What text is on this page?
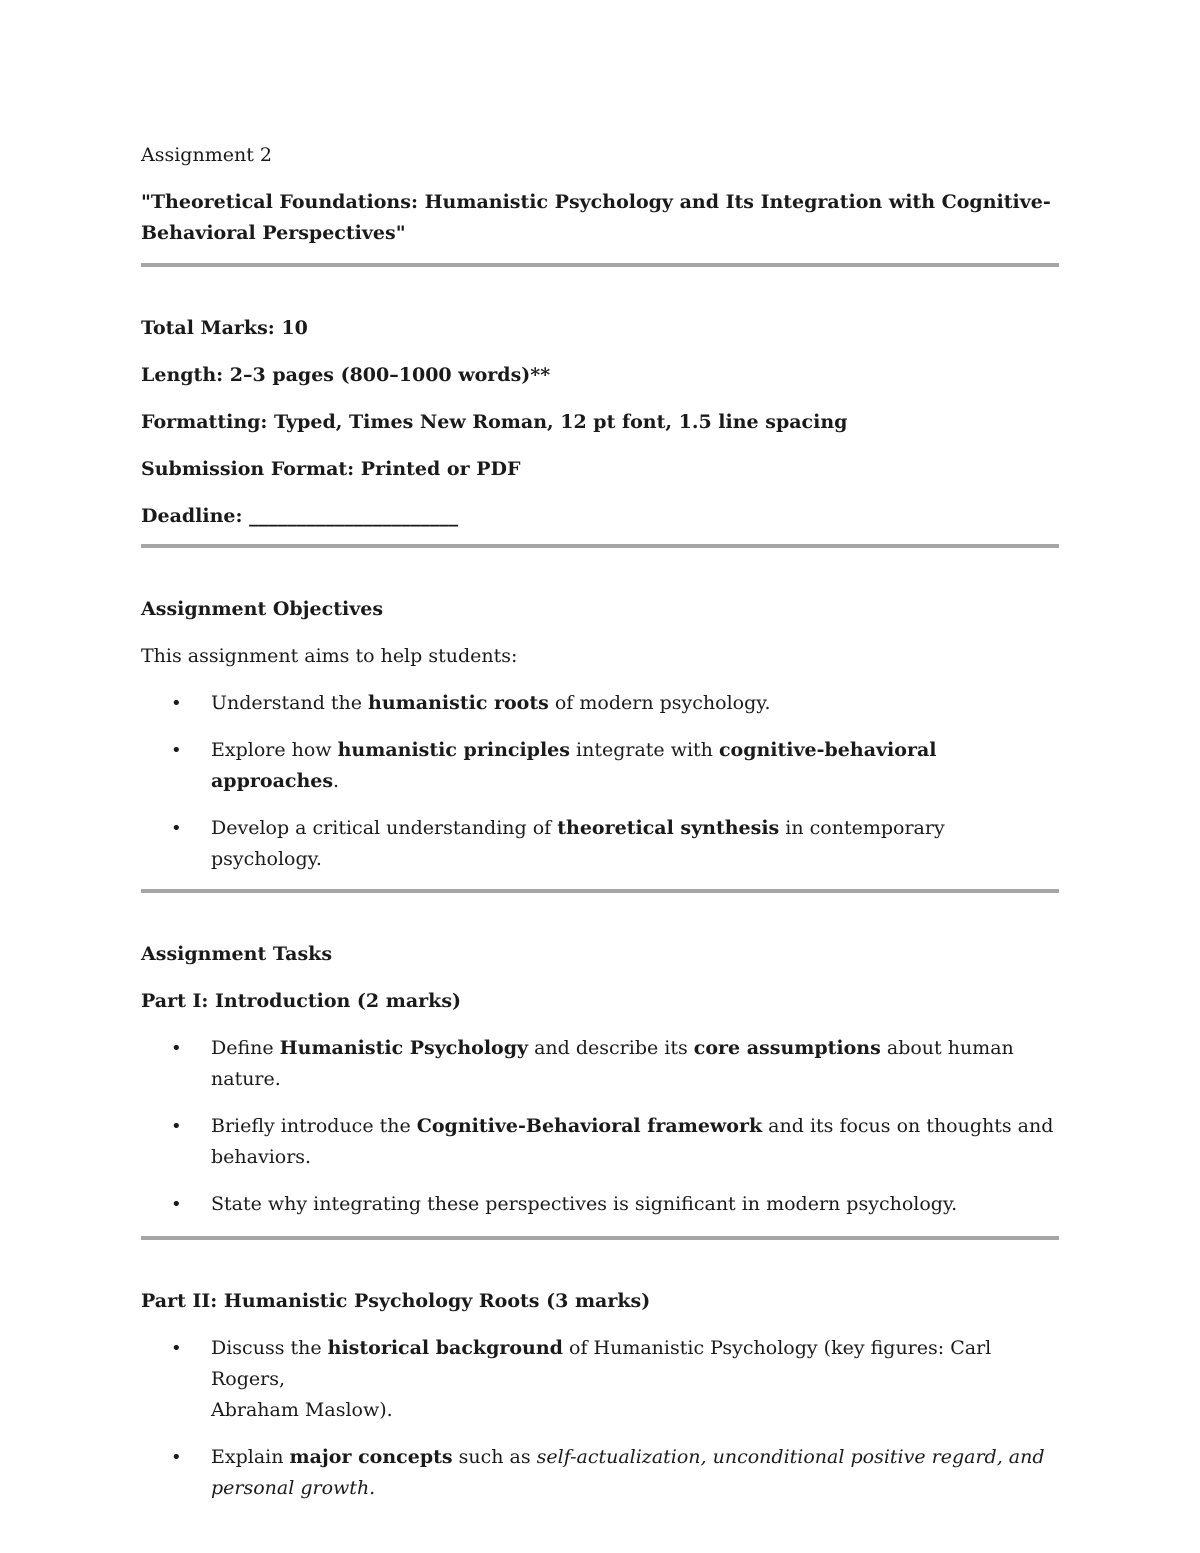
Assignment 2

"Theoretical Foundations: Humanistic Psychology and Its Integration with Cognitive-
Behavioral Perspectives"

Total Marks: 10

Length: 2–3 pages (800–1000 words)**

Formatting: Typed, Times New Roman, 12 pt font, 1.5 line spacing

Submission Format: Printed or PDF

Deadline: ______________________

Assignment Objectives

This assignment aims to help students:

• Understand the humanistic roots of modern psychology.
• Explore how humanistic principles integrate with cognitive-behavioral approaches.
• Develop a critical understanding of theoretical synthesis in contemporary psychology.

Assignment Tasks

Part I: Introduction (2 marks)

• Define Humanistic Psychology and describe its core assumptions about human nature.
• Briefly introduce the Cognitive-Behavioral framework and its focus on thoughts and
behaviors.
• State why integrating these perspectives is significant in modern psychology.

Part II: Humanistic Psychology Roots (3 marks)

• Discuss the historical background of Humanistic Psychology (key figures: Carl Rogers,
Abraham Maslow).
• Explain major concepts such as self-actualization, unconditional positive regard, and
personal growth.
